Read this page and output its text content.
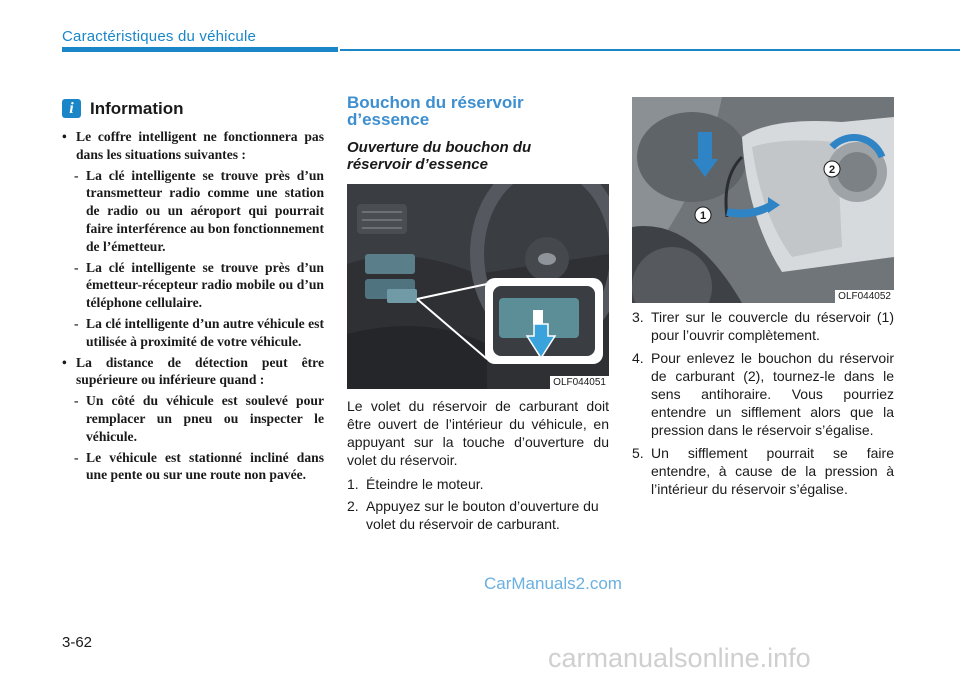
Caractéristiques du véhicule
i Information
• Le coffre intelligent ne fonctionnera pas dans les situations suivantes :
- La clé intelligente se trouve près d’un transmetteur radio comme une station de radio ou un aéroport qui pourrait faire interférence au bon fonctionnement de l’émetteur.
- La clé intelligente se trouve près d’un émetteur-récepteur radio mobile ou d’un téléphone cellulaire.
- La clé intelligente d’un autre véhicule est utilisée à proximité de votre véhicule.
• La distance de détection peut être supérieure ou inférieure quand :
- Un côté du véhicule est soulevé pour remplacer un pneu ou inspecter le véhicule.
- Le véhicule est stationné incliné dans une pente ou sur une route non pavée.
Bouchon du réservoir
d’essence
Ouverture du bouchon du
réservoir d’essence
OLF044051

Le volet du réservoir de carburant doit être ouvert de l’intérieur du véhicule, en appuyant sur la touche d’ouverture du volet du réservoir.

1. Éteindre le moteur.
2. Appuyez sur le bouton d’ouverture du volet du réservoir de carburant.
1
2
OLF044052
3. Tirer sur le couvercle du réservoir (1) pour l’ouvrir complètement.
4. Pour enlevez le bouchon du réservoir de carburant (2), tournez-le dans le sens antihoraire. Vous pourriez entendre un sifflement alors que la pression dans le réservoir s’égalise.
5. Un sifflement pourrait se faire entendre, à cause de la pression à l’intérieur du réservoir s’égalise.
CarManuals2.com
3-62
carmanualsonline.info
